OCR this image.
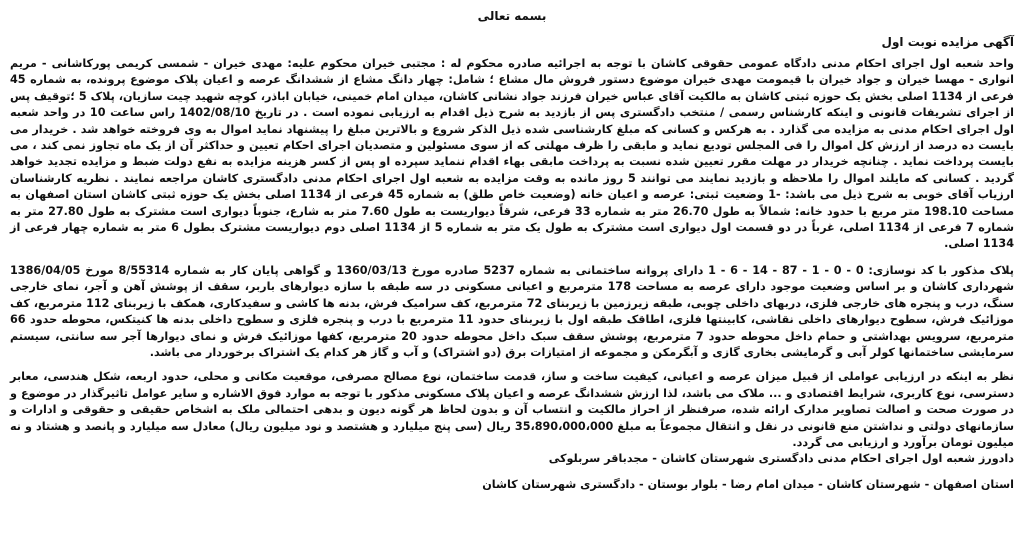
بسمه تعالی
آگهی مزایده نوبت اول

واحد شعبه اول اجرای احکام مدنی دادگاه عمومی حقوقی کاشان با توجه به اجرائیه صادره محکوم له : مجتبی خیران محکوم علیه: مهدی خیران - شمسی کریمی پورکاشانی - مریم انواری - مهسا خیران و جواد خیران با قیمومت مهدی خیران موضوع دستور فروش مال مشاع ؛ شامل: چهار دانگ مشاع از ششدانگ عرصه و اعیان پلاک موضوع پرونده، به شماره 45 فرعی از 1134 اصلی بخش یک حوزه ثبتی کاشان به مالکیت آقای عباس خیران فرزند جواد نشانی کاشان، میدان امام خمینی، خیابان اباذر، کوچه شهید چیت سازیان، پلاک 5 ؛توقیف پس از اجرای تشریفات قانونی و اینکه کارشناس رسمی / منتخب دادگستری پس از بازدید به شرح ذیل اقدام به ارزیابی نموده است . در تاریخ 1402/08/10 راس ساعت 10 در واحد شعبه اول اجرای احکام مدنی به مزایده می گذارد . به هرکس و کسانی که مبلغ کارشناسی شده ذیل الذکر شروع و بالاترین مبلغ را پیشنهاد نماید اموال به وی فروخته خواهد شد . خریدار می بایست ده درصد از ارزش کل اموال را فی المجلس تودیع نماید و مابقی را ظرف مهلتی که از سوی مسئولین و متصدیان اجرای احکام تعیین و حداکثر آن از یک ماه تجاوز نمی کند ، می بایست پرداخت نماید . چنانچه خریدار در مهلت مقرر تعیین شده نسبت به پرداخت مابقی بهاء اقدام ننماید سپرده او پس از کسر هزینه مزایده به نفع دولت ضبط و مزایده تجدید خواهد گردید . کسانی که مایلند اموال را ملاحظه و بازدید نمایند می توانند 5 روز مانده به وقت مزایده به شعبه اول اجرای احکام مدنی دادگستری کاشان مراجعه نمایند . نظریه کارشناسان ارزیاب آقای خوبی به شرح ذیل می باشد: -1 وضعیت ثبتی: عرصه و اعیان خانه (وضعیت خاص طلق) به شماره 45 فرعی از 1134 اصلی بخش یک حوزه ثبتی کاشان استان اصفهان به مساحت 198.10 متر مربع با حدود خانه: شمالاً به طول 26.70 متر به شماره 33 فرعی، شرقاً دیواریست به طول 7.60 متر به شارع، جنوباً دیواری است مشترک به طول 27.80 متر به شماره 7 فرعی از 1134 اصلی، غرباً در دو قسمت اول دیواری است مشترک به طول یک متر به شماره 5 از 1134 اصلی دوم دیواریست مشترک بطول 6 متر به شماره چهار فرعی از 1134 اصلی.

پلاک مذکور با کد نوسازی: 0 - 0 - 1 - 87 - 14 - 6 - 1 دارای پروانه ساختمانی به شماره 5237 صادره مورخ 1360/03/13 و گواهی پایان کار به شماره 8/55314 مورخ 1386/04/05 شهرداری کاشان و بر اساس وضعیت موجود دارای عرصه به مساحت 178 مترمربع و اعیانی مسکونی در سه طبقه با سازه دیوارهای باربر، سقف از پوشش آهن و آجر، نمای خارجی سنگ، درب و پنجره های خارجی فلزی، دربهای داخلی چوبی، طبقه زیرزمین با زیربنای 72 مترمربع، کف سرامیک فرش، بدنه ها کاشی و سفیدکاری، همکف با زیربنای 112 مترمربع، کف موزائیک فرش، سطوح دیوارهای داخلی نقاشی، کابینتها فلزی، اطاقک طبقه اول با زیربنای حدود 11 مترمربع با درب و پنجره فلزی و سطوح داخلی بدنه ها کنیتکس، محوطه حدود 66 مترمربع، سرویس بهداشتی و حمام داخل محوطه حدود 7 مترمربع، پوشش سقف سبک داخل محوطه حدود 20 مترمربع، کفها موزائیک فرش و نمای دیوارها آجر سه سانتی، سیستم سرمایشی ساختمانها کولر آبی و گرمایشی بخاری گازی و آبگرمکن و مجموعه از امتیازات برق (دو اشتراک) و آب و گاز هر کدام یک اشتراک برخوردار می باشد.

نظر به اینکه در ارزیابی عواملی از قبیل میزان عرصه و اعیانی، کیفیت ساخت و ساز، قدمت ساختمان، نوع مصالح مصرفی، موقعیت مکانی و محلی، حدود اربعه، شکل هندسی، معابر دسترسی، نوع کاربری، شرایط اقتصادی و ... ملاک می باشد، لذا ارزش ششدانگ عرصه و اعیان پلاک مسکونی مذکور با توجه به موارد فوق الاشاره و سایر عوامل تاثیرگذار در موضوع و در صورت صحت و اصالت تصاویر مدارک ارائه شده، صرفنظر از احراز مالکیت و انتساب آن و بدون لحاظ هر گونه دیون و بدهی احتمالی ملک به اشخاص حقیقی و حقوقی و ادارات و سازمانهای دولتی و نداشتن منع قانونی در نقل و انتقال مجموعاً به مبلغ 35،890،000،000 ریال (سی پنج میلیارد و هشتصد و نود میلیون ریال) معادل سه میلیارد و پانصد و هشتاد و نه میلیون تومان برآورد و ارزیابی می گردد.

دادورز شعبه اول اجرای احکام مدنی دادگستری شهرستان کاشان - مجدباقر سربلوکی
استان اصفهان - شهرستان کاشان - میدان امام رضا - بلوار بوستان - دادگستری شهرستان کاشان
